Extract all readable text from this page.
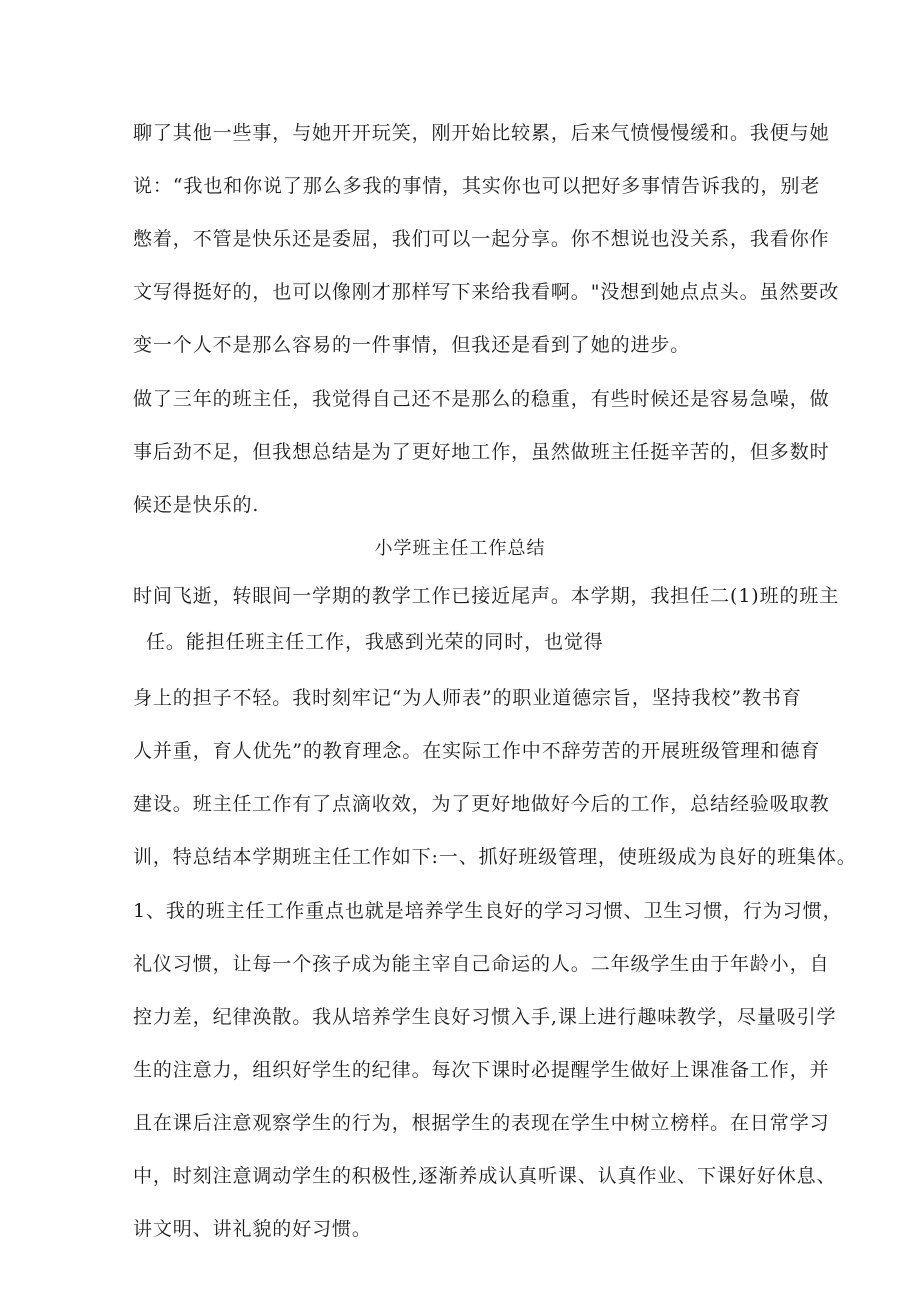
聊了其他一些事，与她开开玩笑，刚开始比较累，后来气愤慢慢缓和。我便与她
说：“我也和你说了那么多我的事情，其实你也可以把好多事情告诉我的，别老
憋着，不管是快乐还是委屈，我们可以一起分享。你不想说也没关系，我看你作
文写得挺好的，也可以像刚才那样写下来给我看啊。"没想到她点点头。虽然要改
变一个人不是那么容易的一件事情，但我还是看到了她的进步。
做了三年的班主任，我觉得自己还不是那么的稳重，有些时候还是容易急噪，做
事后劲不足，但我想总结是为了更好地工作，虽然做班主任挺辛苦的，但多数时
候还是快乐的.
小学班主任工作总结
时间飞逝，转眼间一学期的教学工作已接近尾声。本学期，我担任二(1)班的班主
任。能担任班主任工作，我感到光荣的同时，也觉得
身上的担子不轻。我时刻牢记“为人师表”的职业道德宗旨，坚持我校”教书育
人并重，育人优先”的教育理念。在实际工作中不辞劳苦的开展班级管理和德育
建设。班主任工作有了点滴收效，为了更好地做好今后的工作，总结经验吸取教
训，特总结本学期班主任工作如下:一、抓好班级管理，使班级成为良好的班集体。
1、我的班主任工作重点也就是培养学生良好的学习习惯、卫生习惯，行为习惯，
礼仪习惯，让每一个孩子成为能主宰自己命运的人。二年级学生由于年龄小，自
控力差，纪律涣散。我从培养学生良好习惯入手,课上进行趣味教学，尽量吸引学
生的注意力，组织好学生的纪律。每次下课时必提醒学生做好上课准备工作，并
且在课后注意观察学生的行为，根据学生的表现在学生中树立榜样。在日常学习
中，时刻注意调动学生的积极性,逐渐养成认真听课、认真作业、下课好好休息、
讲文明、讲礼貌的好习惯。
